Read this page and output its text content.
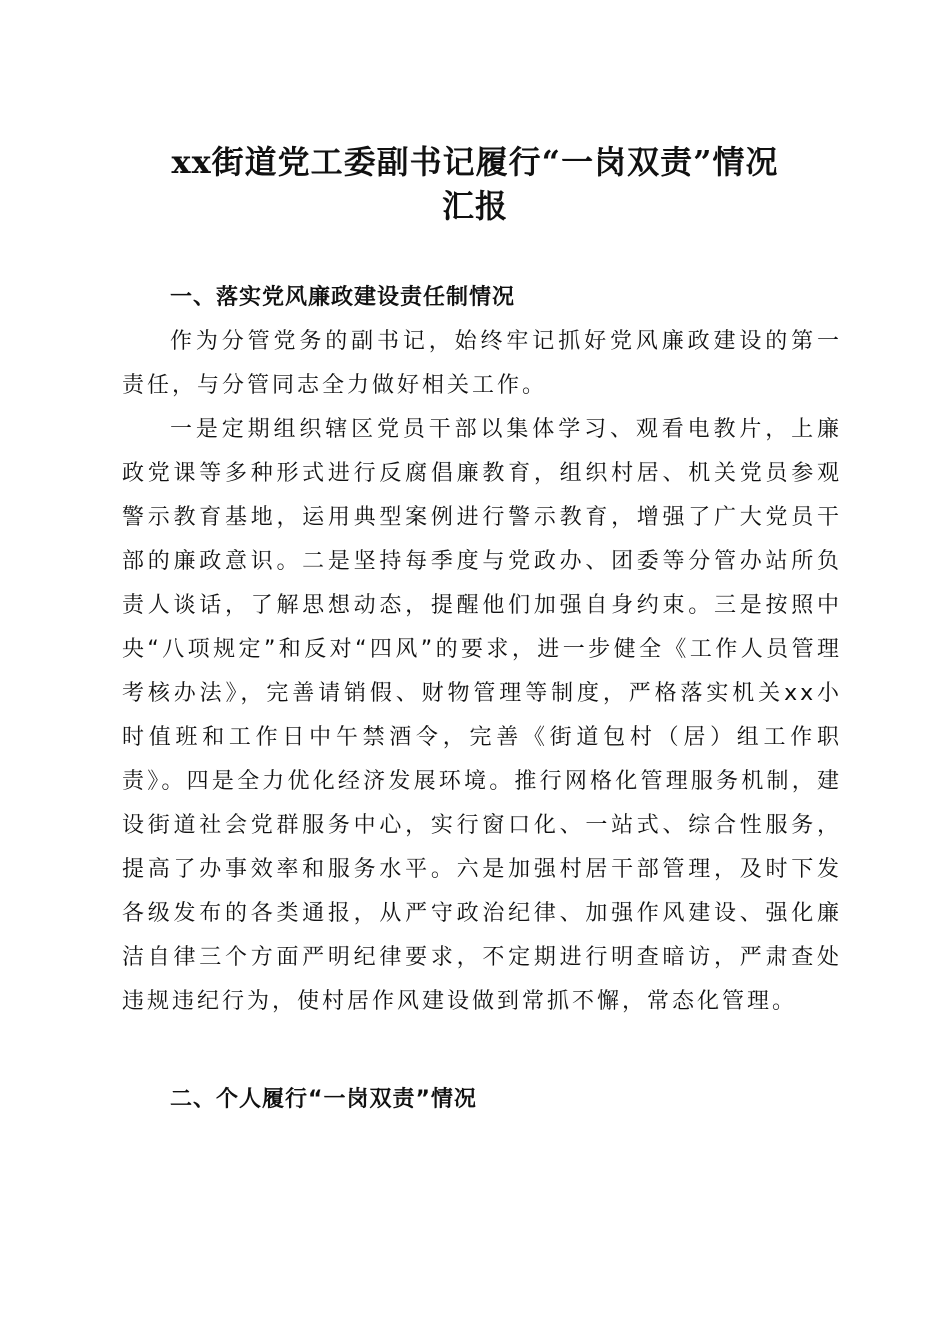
xx街道党工委副书记履行“一岗双责”情况
汇报

一、落实党风廉政建设责任制情况

作为分管党务的副书记，始终牢记抓好党风廉政建设的第一责任，与分管同志全力做好相关工作。

一是定期组织辖区党员干部以集体学习、观看电教片，上廉政党课等多种形式进行反腐倡廉教育，组织村居、机关党员参观警示教育基地，运用典型案例进行警示教育，增强了广大党员干部的廉政意识。二是坚持每季度与党政办、团委等分管办站所负责人谈话，了解思想动态，提醒他们加强自身约束。三是按照中央“八项规定”和反对“四风”的要求，进一步健全《工作人员管理考核办法》，完善请销假、财物管理等制度，严格落实机关xx小时值班和工作日中午禁酒令，完善《街道包村（居）组工作职责》。四是全力优化经济发展环境。推行网格化管理服务机制，建设街道社会党群服务中心，实行窗口化、一站式、综合性服务，提高了办事效率和服务水平。六是加强村居干部管理，及时下发各级发布的各类通报，从严守政治纪律、加强作风建设、强化廉洁自律三个方面严明纪律要求，不定期进行明查暗访，严肃查处违规违纪行为，使村居作风建设做到常抓不懈，常态化管理。

二、个人履行“一岗双责”情况
